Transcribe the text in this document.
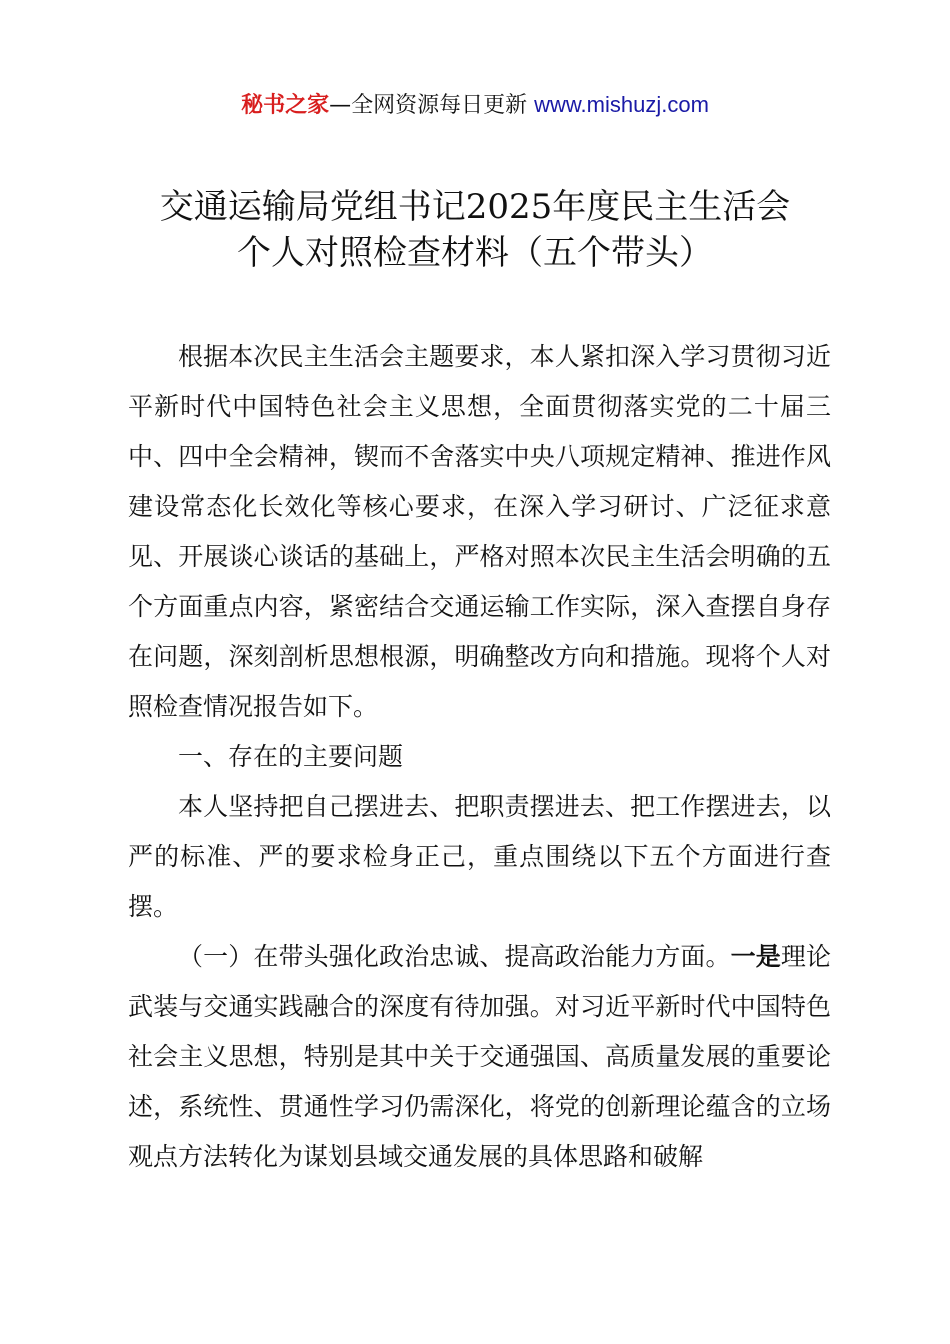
秘书之家—全网资源每日更新 www.mishuzj.com
交通运输局党组书记2025年度民主生活会
个人对照检查材料（五个带头）

根据本次民主生活会主题要求，本人紧扣深入学习贯彻习近平新时代中国特色社会主义思想，全面贯彻落实党的二十届三中、四中全会精神，锲而不舍落实中央八项规定精神、推进作风建设常态化长效化等核心要求，在深入学习研讨、广泛征求意见、开展谈心谈话的基础上，严格对照本次民主生活会明确的五个方面重点内容，紧密结合交通运输工作实际，深入查摆自身存在问题，深刻剖析思想根源，明确整改方向和措施。现将个人对照检查情况报告如下。

一、存在的主要问题

本人坚持把自己摆进去、把职责摆进去、把工作摆进去，以严的标准、严的要求检身正己，重点围绕以下五个方面进行查摆。

（一）在带头强化政治忠诚、提高政治能力方面。一是理论武装与交通实践融合的深度有待加强。对习近平新时代中国特色社会主义思想，特别是其中关于交通强国、高质量发展的重要论述，系统性、贯通性学习仍需深化，将党的创新理论蕴含的立场观点方法转化为谋划县域交通发展的具体思路和破解
